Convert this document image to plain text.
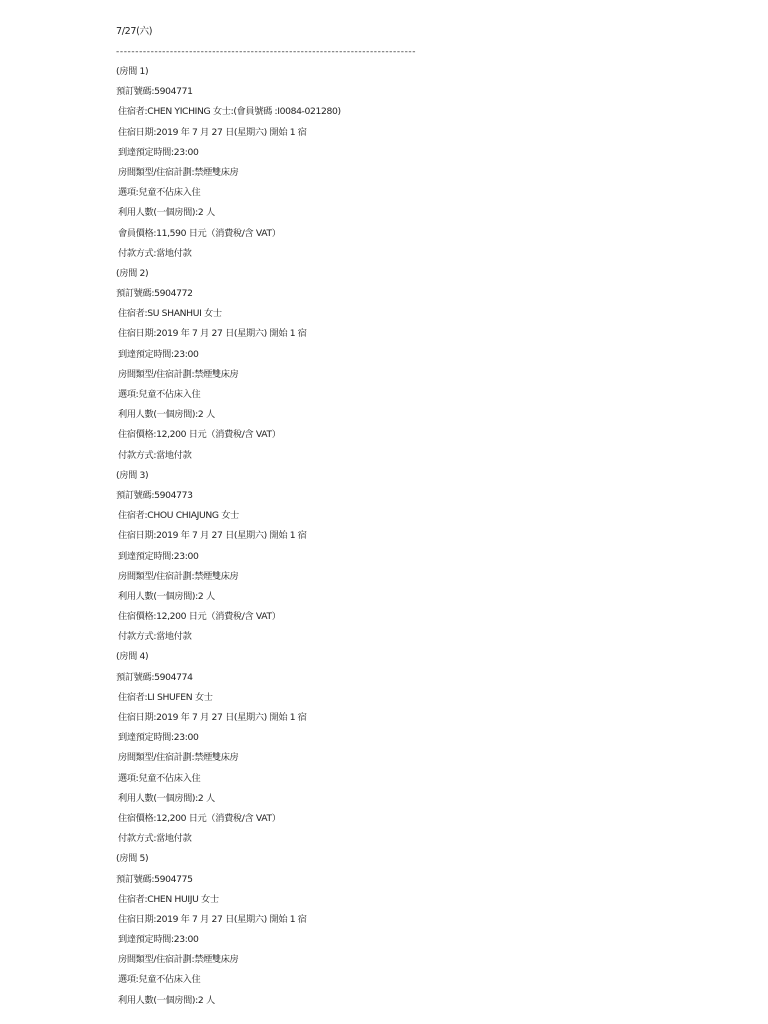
7/27(六)
------------------------------------------------------------------------------
(房間 1)
預訂號碼:5904771
住宿者:CHEN YICHING 女士:(會員號碼 :I0084-021280)
住宿日期:2019 年 7 月 27 日(星期六) 開始 1 宿
到達預定時間:23:00
房間類型/住宿計劃:禁煙雙床房
選項:兒童不佔床入住
利用人數(一個房間):2 人
會員價格:11,590 日元（消費稅/含 VAT）
付款方式:當地付款
(房間 2)
預訂號碼:5904772
住宿者:SU SHANHUI 女士
住宿日期:2019 年 7 月 27 日(星期六) 開始 1 宿
到達預定時間:23:00
房間類型/住宿計劃:禁煙雙床房
選項:兒童不佔床入住
利用人數(一個房間):2 人
住宿價格:12,200 日元（消費稅/含 VAT）
付款方式:當地付款
(房間 3)
預訂號碼:5904773
住宿者:CHOU CHIAJUNG 女士
住宿日期:2019 年 7 月 27 日(星期六) 開始 1 宿
到達預定時間:23:00
房間類型/住宿計劃:禁煙雙床房
利用人數(一個房間):2 人
住宿價格:12,200 日元（消費稅/含 VAT）
付款方式:當地付款
(房間 4)
預訂號碼:5904774
住宿者:LI SHUFEN 女士
住宿日期:2019 年 7 月 27 日(星期六) 開始 1 宿
到達預定時間:23:00
房間類型/住宿計劃:禁煙雙床房
選項:兒童不佔床入住
利用人數(一個房間):2 人
住宿價格:12,200 日元（消費稅/含 VAT）
付款方式:當地付款
(房間 5)
預訂號碼:5904775
住宿者:CHEN HUIJU 女士
住宿日期:2019 年 7 月 27 日(星期六) 開始 1 宿
到達預定時間:23:00
房間類型/住宿計劃:禁煙雙床房
選項:兒童不佔床入住
利用人數(一個房間):2 人
